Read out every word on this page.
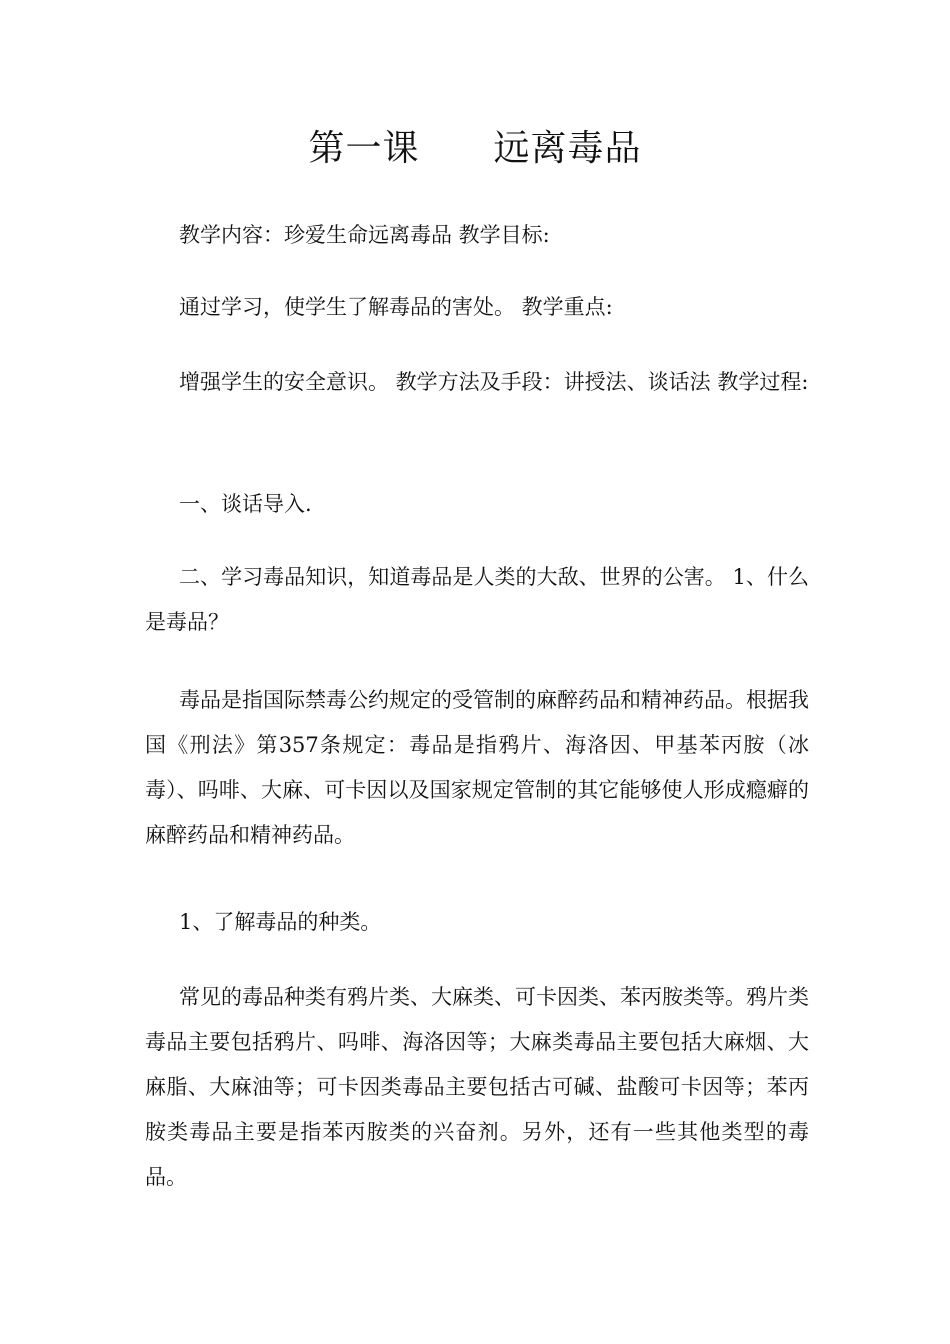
第一课　　远离毒品

教学内容：珍爱生命远离毒品 教学目标:

通过学习，使学生了解毒品的害处。 教学重点:

增强学生的安全意识。 教学方法及手段：讲授法、谈话法 教学过程:

一、谈话导入.

二、学习毒品知识，知道毒品是人类的大敌、世界的公害。 1、什么是毒品？

毒品是指国际禁毒公约规定的受管制的麻醉药品和精神药品。根据我国《刑法》第357条规定：毒品是指鸦片、海洛因、甲基苯丙胺（冰毒）、吗啡、大麻、可卡因以及国家规定管制的其它能够使人形成瘾癖的麻醉药品和精神药品。

1、了解毒品的种类。

常见的毒品种类有鸦片类、大麻类、可卡因类、苯丙胺类等。鸦片类毒品主要包括鸦片、吗啡、海洛因等；大麻类毒品主要包括大麻烟、大麻脂、大麻油等；可卡因类毒品主要包括古可碱、盐酸可卡因等；苯丙胺类毒品主要是指苯丙胺类的兴奋剂。另外，还有一些其他类型的毒品。
